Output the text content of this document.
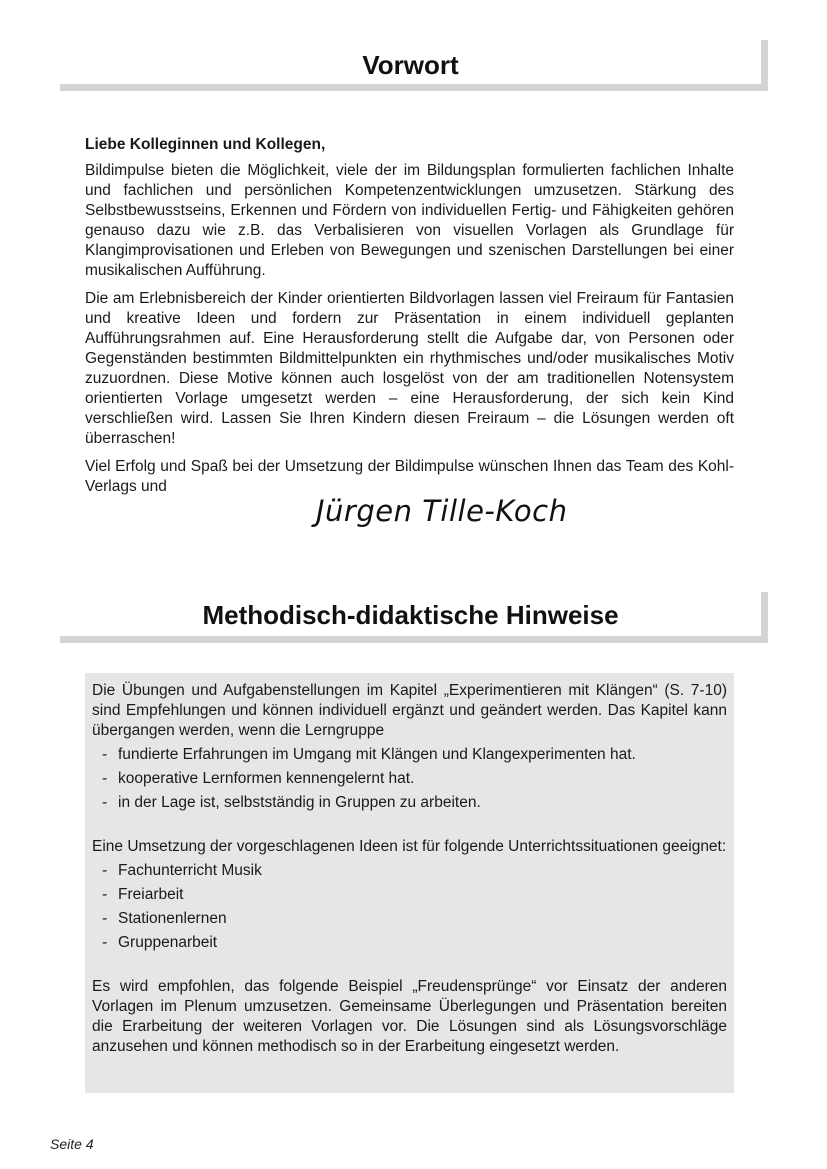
Vorwort

Liebe Kolleginnen und Kollegen,

Bildimpulse bieten die Möglichkeit, viele der im Bildungsplan formulierten fachlichen Inhalte und fachlichen und persönlichen Kompetenzentwicklungen umzusetzen. Stärkung des Selbstbewusstseins, Erkennen und Fördern von individuellen Fertig- und Fähigkeiten gehören genauso dazu wie z.B. das Verbalisieren von visuellen Vorlagen als Grundlage für Klangimprovisationen und Erleben von Bewegungen und szenischen Darstellungen bei einer musikalischen Aufführung.

Die am Erlebnisbereich der Kinder orientierten Bildvorlagen lassen viel Freiraum für Fantasien und kreative Ideen und fordern zur Präsentation in einem individuell geplanten Aufführungsrahmen auf. Eine Herausforderung stellt die Aufgabe dar, von Personen oder Gegenständen bestimmten Bildmittelpunkten ein rhythmisches und/oder musikalisches Motiv zuzuordnen. Diese Motive können auch losgelöst von der am traditionellen Notensystem orientierten Vorlage umgesetzt werden – eine Herausforderung, der sich kein Kind verschließen wird. Lassen Sie Ihren Kindern diesen Freiraum – die Lösungen werden oft überraschen!

Viel Erfolg und Spaß bei der Umsetzung der Bildimpulse wünschen Ihnen das Team des Kohl-Verlags und

Jürgen Tille-Koch
Methodisch-didaktische Hinweise

Die Übungen und Aufgabenstellungen im Kapitel „Experimentieren mit Klängen“ (S. 7-10) sind Empfehlungen und können individuell ergänzt und geändert werden. Das Kapitel kann übergangen werden, wenn die Lerngruppe

- fundierte Erfahrungen im Umgang mit Klängen und Klangexperimenten hat.
- kooperative Lernformen kennengelernt hat.
- in der Lage ist, selbstständig in Gruppen zu arbeiten.

Eine Umsetzung der vorgeschlagenen Ideen ist für folgende Unterrichtssituationen geeignet:

- Fachunterricht Musik
- Freiarbeit
- Stationenlernen
- Gruppenarbeit

Es wird empfohlen, das folgende Beispiel „Freudensprünge“ vor Einsatz der anderen Vorlagen im Plenum umzusetzen. Gemeinsame Überlegungen und Präsentation bereiten die Erarbeitung der weiteren Vorlagen vor. Die Lösungen sind als Lösungsvorschläge anzusehen und können methodisch so in der Erarbeitung eingesetzt werden.

Seite 4
